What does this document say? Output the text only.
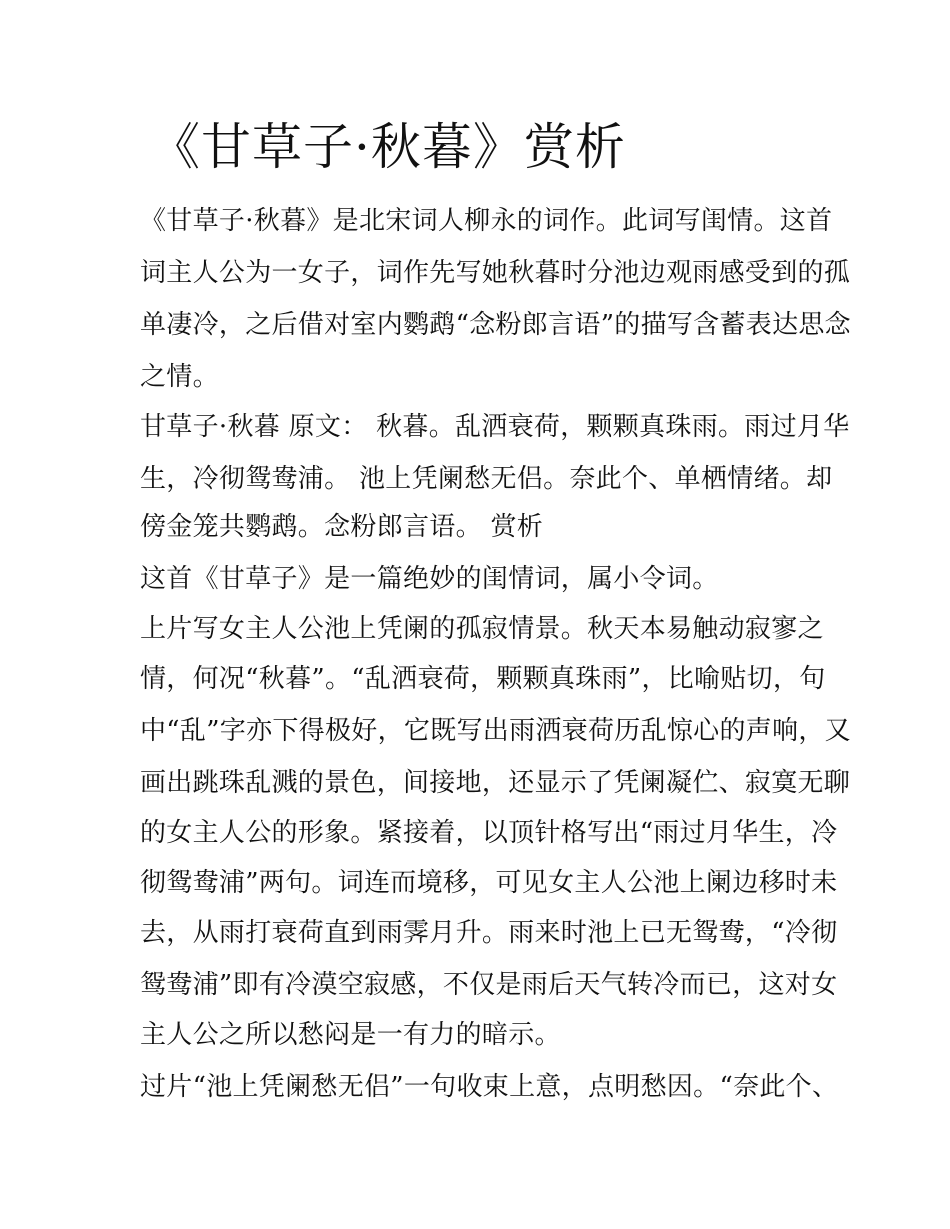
《甘草子·秋暮》赏析

《甘草子·秋暮》是北宋词人柳永的词作。此词写闺情。这首

词主人公为一女子，词作先写她秋暮时分池边观雨感受到的孤

单凄冷，之后借对室内鹦鹉“念粉郎言语”的描写含蓄表达思念

之情。

甘草子·秋暮 原文： 秋暮。乱洒衰荷，颗颗真珠雨。雨过月华

生，冷彻鸳鸯浦。 池上凭阑愁无侣。奈此个、单栖情绪。却

傍金笼共鹦鹉。念粉郎言语。 赏析

这首《甘草子》是一篇绝妙的闺情词，属小令词。

上片写女主人公池上凭阑的孤寂情景。秋天本易触动寂寥之

情，何况“秋暮”。“乱洒衰荷，颗颗真珠雨”，比喻贴切，句

中“乱”字亦下得极好，它既写出雨洒衰荷历乱惊心的声响，又

画出跳珠乱溅的景色，间接地，还显示了凭阑凝伫、寂寞无聊

的女主人公的形象。紧接着，以顶针格写出“雨过月华生，冷

彻鸳鸯浦”两句。词连而境移，可见女主人公池上阑边移时未

去，从雨打衰荷直到雨霁月升。雨来时池上已无鸳鸯，“冷彻

鸳鸯浦”即有冷漠空寂感，不仅是雨后天气转冷而已，这对女

主人公之所以愁闷是一有力的暗示。

过片“池上凭阑愁无侣”一句收束上意，点明愁因。“奈此个、
